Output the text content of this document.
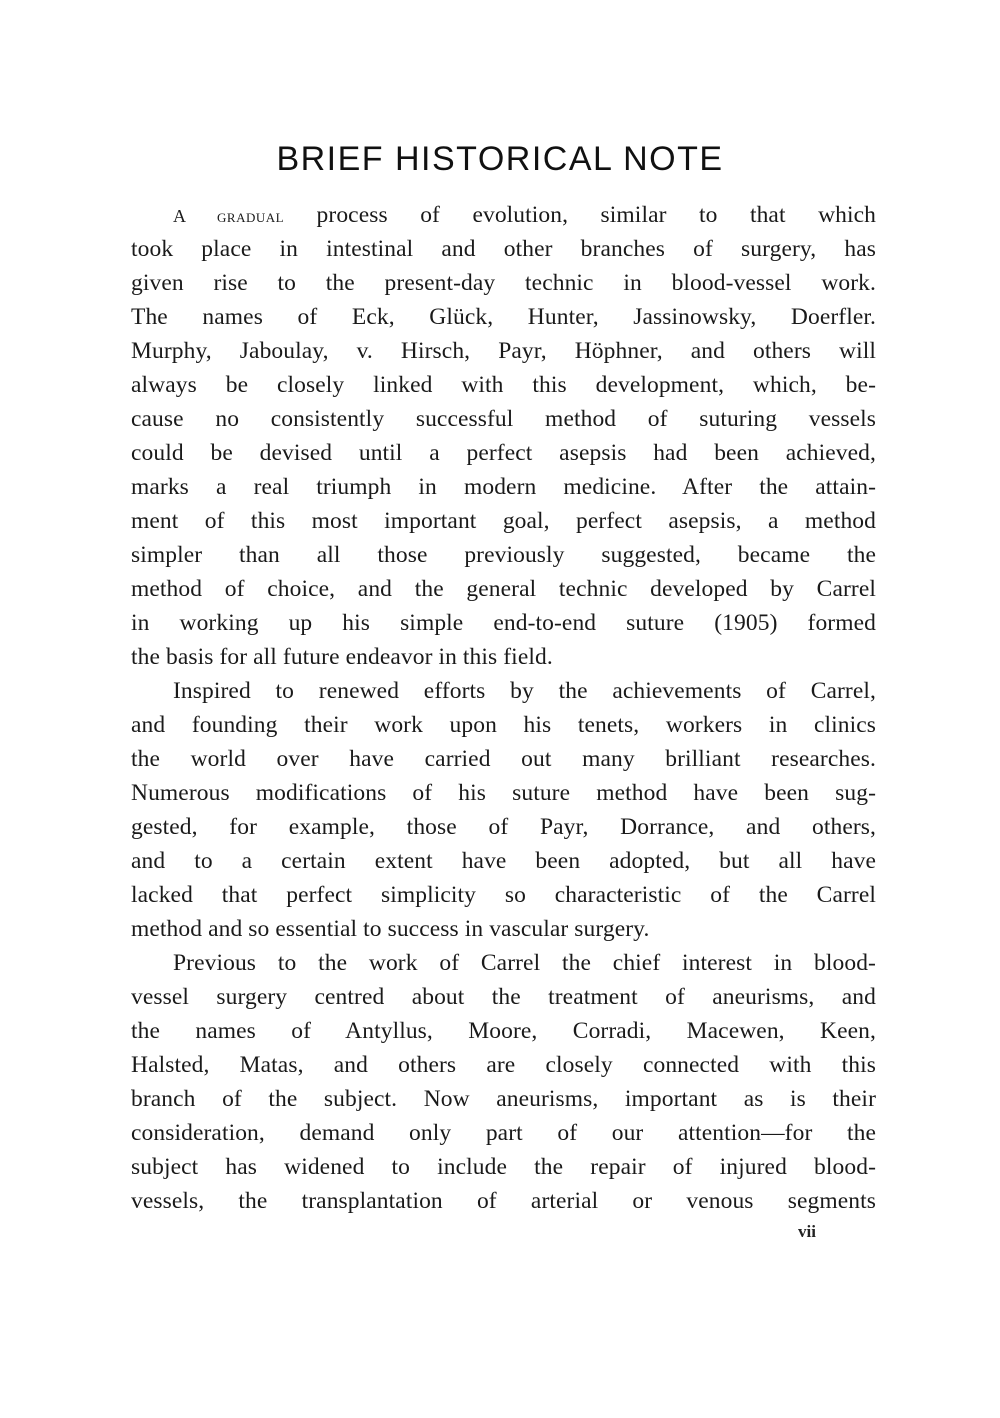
BRIEF HISTORICAL NOTE
A gradual process of evolution, similar to that which
took place in intestinal and other branches of surgery, has
given rise to the present-day technic in blood-vessel work.
The names of Eck, Glück, Hunter, Jassinowsky, Doerfler.
Murphy, Jaboulay, v. Hirsch, Payr, Höphner, and others will
always be closely linked with this development, which, be-
cause no consistently successful method of suturing vessels
could be devised until a perfect asepsis had been achieved,
marks a real triumph in modern medicine. After the attain-
ment of this most important goal, perfect asepsis, a method
simpler than all those previously suggested, became the
method of choice, and the general technic developed by Carrel
in working up his simple end-to-end suture (1905) formed
the basis for all future endeavor in this field.
Inspired to renewed efforts by the achievements of Carrel,
and founding their work upon his tenets, workers in clinics
the world over have carried out many brilliant researches.
Numerous modifications of his suture method have been sug-
gested, for example, those of Payr, Dorrance, and others,
and to a certain extent have been adopted, but all have
lacked that perfect simplicity so characteristic of the Carrel
method and so essential to success in vascular surgery.
Previous to the work of Carrel the chief interest in blood-
vessel surgery centred about the treatment of aneurisms, and
the names of Antyllus, Moore, Corradi, Macewen, Keen,
Halsted, Matas, and others are closely connected with this
branch of the subject. Now aneurisms, important as is their
consideration, demand only part of our attention—for the
subject has widened to include the repair of injured blood-
vessels, the transplantation of arterial or venous segments
vii
